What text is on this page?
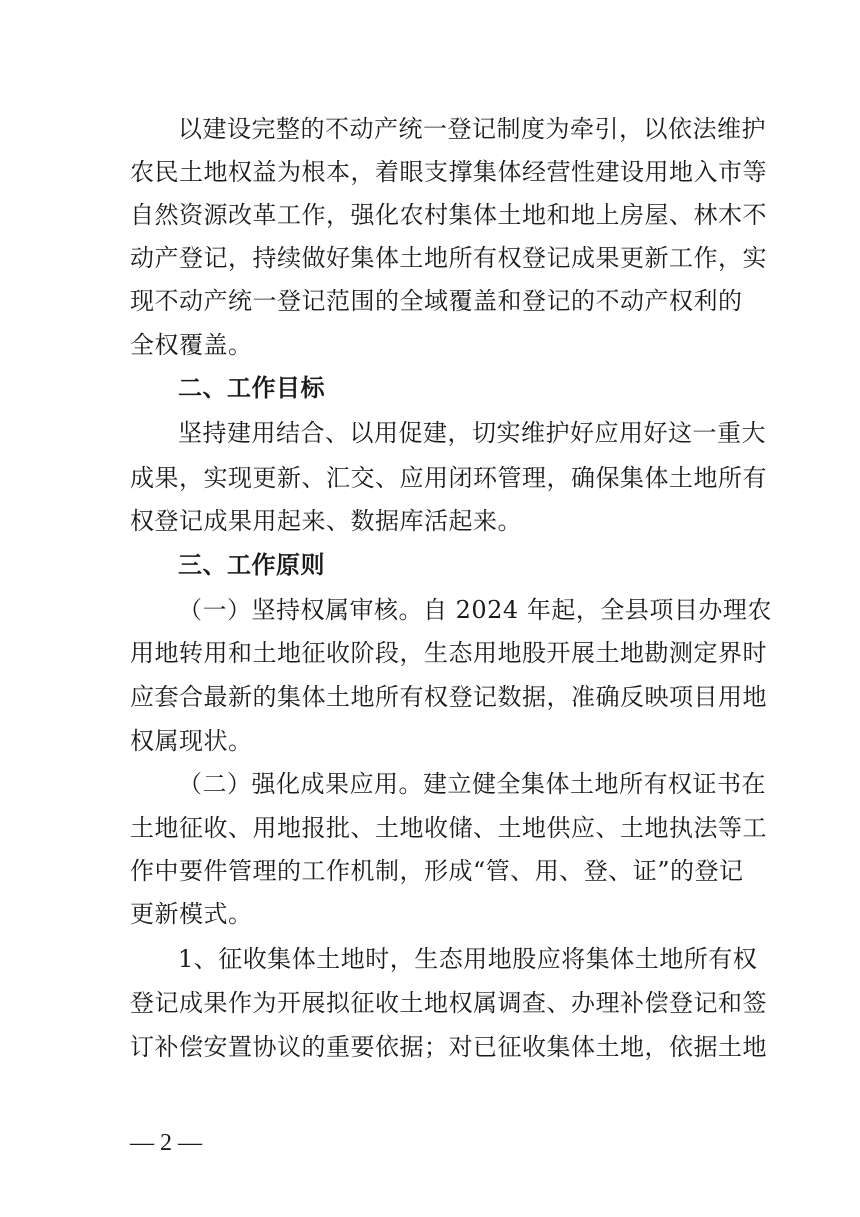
以建设完整的不动产统一登记制度为牵引，以依法维护
农民土地权益为根本，着眼支撑集体经营性建设用地入市等
自然资源改革工作，强化农村集体土地和地上房屋、林木不
动产登记，持续做好集体土地所有权登记成果更新工作，实
现不动产统一登记范围的全域覆盖和登记的不动产权利的
全权覆盖。
二、工作目标
坚持建用结合、以用促建，切实维护好应用好这一重大
成果，实现更新、汇交、应用闭环管理，确保集体土地所有
权登记成果用起来、数据库活起来。
三、工作原则
（一）坚持权属审核。自 2024 年起，全县项目办理农
用地转用和土地征收阶段，生态用地股开展土地勘测定界时
应套合最新的集体土地所有权登记数据，准确反映项目用地
权属现状。
（二）强化成果应用。建立健全集体土地所有权证书在
土地征收、用地报批、土地收储、土地供应、土地执法等工
作中要件管理的工作机制，形成“管、用、登、证”的登记
更新模式。
1、征收集体土地时，生态用地股应将集体土地所有权
登记成果作为开展拟征收土地权属调查、办理补偿登记和签
订补偿安置协议的重要依据；对已征收集体土地，依据土地
— 2 —
